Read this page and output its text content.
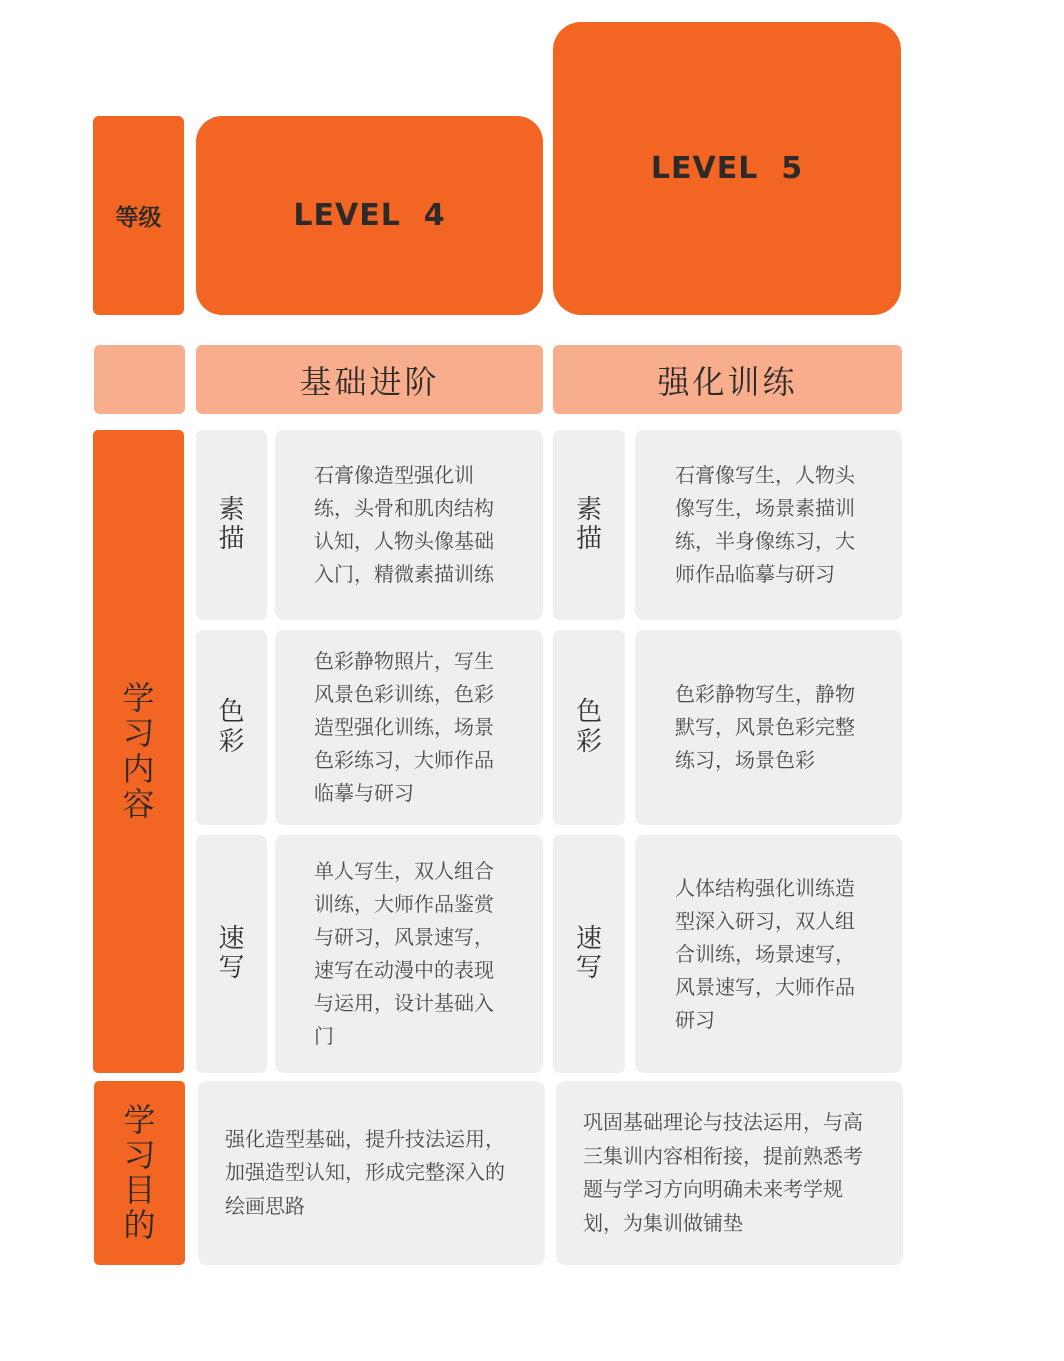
等级	LEVEL  4
LEVEL  5
基础进阶	强化训练
学习内容
素描
色彩
速写
石膏像造型强化训练，头骨和肌肉结构认知，人物头像基础入门，精微素描训练
色彩静物照片，写生风景色彩训练，色彩造型强化训练，场景色彩练习，大师作品临摹与研习
单人写生，双人组合训练，大师作品鉴赏与研习，风景速写，速写在动漫中的表现与运用，设计基础入门
素描
色彩
速写
石膏像写生，人物头像写生，场景素描训练，半身像练习，大师作品临摹与研习
色彩静物写生，静物默写，风景色彩完整练习，场景色彩
人体结构强化训练造型深入研习，双人组合训练，场景速写，风景速写，大师作品研习
学习目的
强化造型基础，提升技法运用，加强造型认知，形成完整深入的绘画思路
巩固基础理论与技法运用，与高三集训内容相衔接，提前熟悉考题与学习方向明确未来考学规划，为集训做铺垫
